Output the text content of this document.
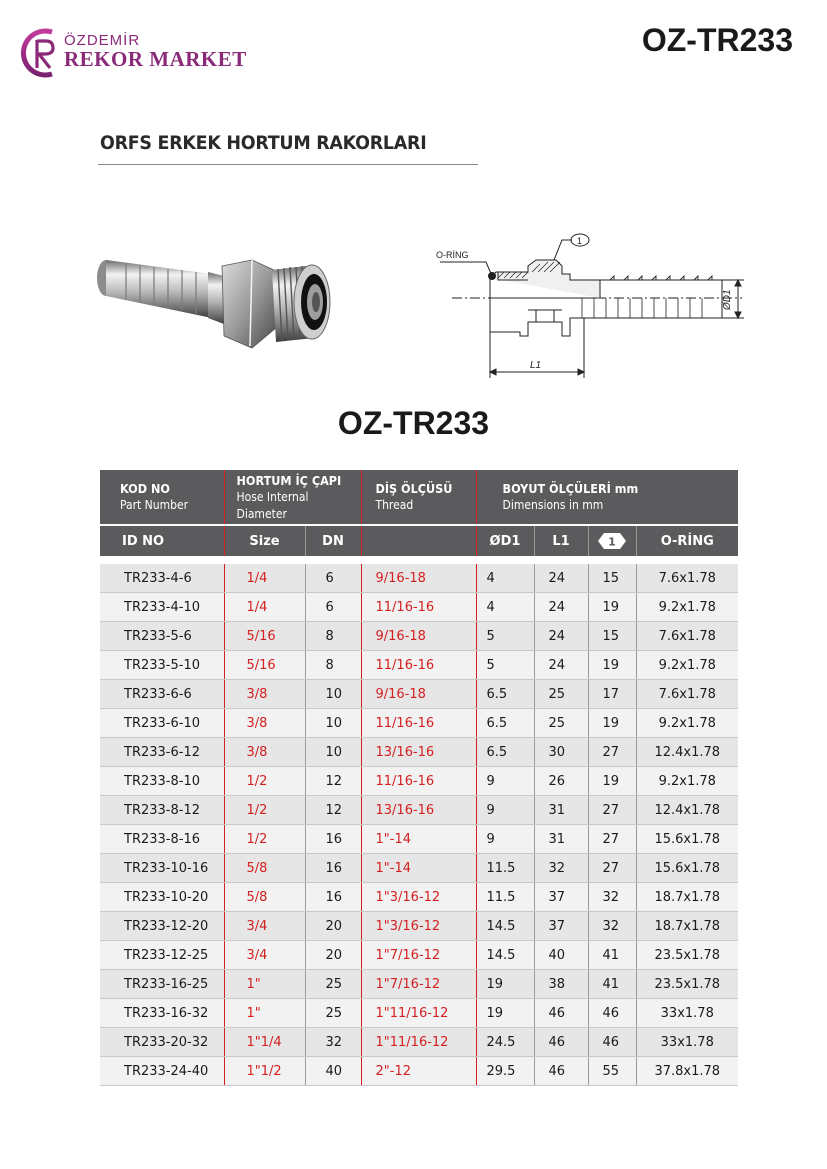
ÖZDEMİR
REKOR MARKET
OZ-TR233
ORFS ERKEK HORTUM RAKORLARI
O-RİNG
1
ØD1
L1
OZ-TR233
KOD NO
Part Number	HORTUM İÇ ÇAPI
Hose Internal Diameter		DİŞ ÖLÇÜSÜ
Thread	BOYUT ÖLÇÜLERİ mm
Dimensions in mm			

ID NO	Size	DN		ØD1	L1	1	O-RİNG

TR233-4-6	1/4	6	9/16-18	4	24	15	7.6x1.78
TR233-4-10	1/4	6	11/16-16	4	24	19	9.2x1.78
TR233-5-6	5/16	8	9/16-18	5	24	15	7.6x1.78
TR233-5-10	5/16	8	11/16-16	5	24	19	9.2x1.78
TR233-6-6	3/8	10	9/16-18	6.5	25	17	7.6x1.78
TR233-6-10	3/8	10	11/16-16	6.5	25	19	9.2x1.78
TR233-6-12	3/8	10	13/16-16	6.5	30	27	12.4x1.78
TR233-8-10	1/2	12	11/16-16	9	26	19	9.2x1.78
TR233-8-12	1/2	12	13/16-16	9	31	27	12.4x1.78
TR233-8-16	1/2	16	1"-14	9	31	27	15.6x1.78
TR233-10-16	5/8	16	1"-14	11.5	32	27	15.6x1.78
TR233-10-20	5/8	16	1"3/16-12	11.5	37	32	18.7x1.78
TR233-12-20	3/4	20	1"3/16-12	14.5	37	32	18.7x1.78
TR233-12-25	3/4	20	1"7/16-12	14.5	40	41	23.5x1.78
TR233-16-25	1"	25	1"7/16-12	19	38	41	23.5x1.78
TR233-16-32	1"	25	1"11/16-12	19	46	46	33x1.78
TR233-20-32	1"1/4	32	1"11/16-12	24.5	46	46	33x1.78
TR233-24-40	1"1/2	40	2"-12	29.5	46	55	37.8x1.78
